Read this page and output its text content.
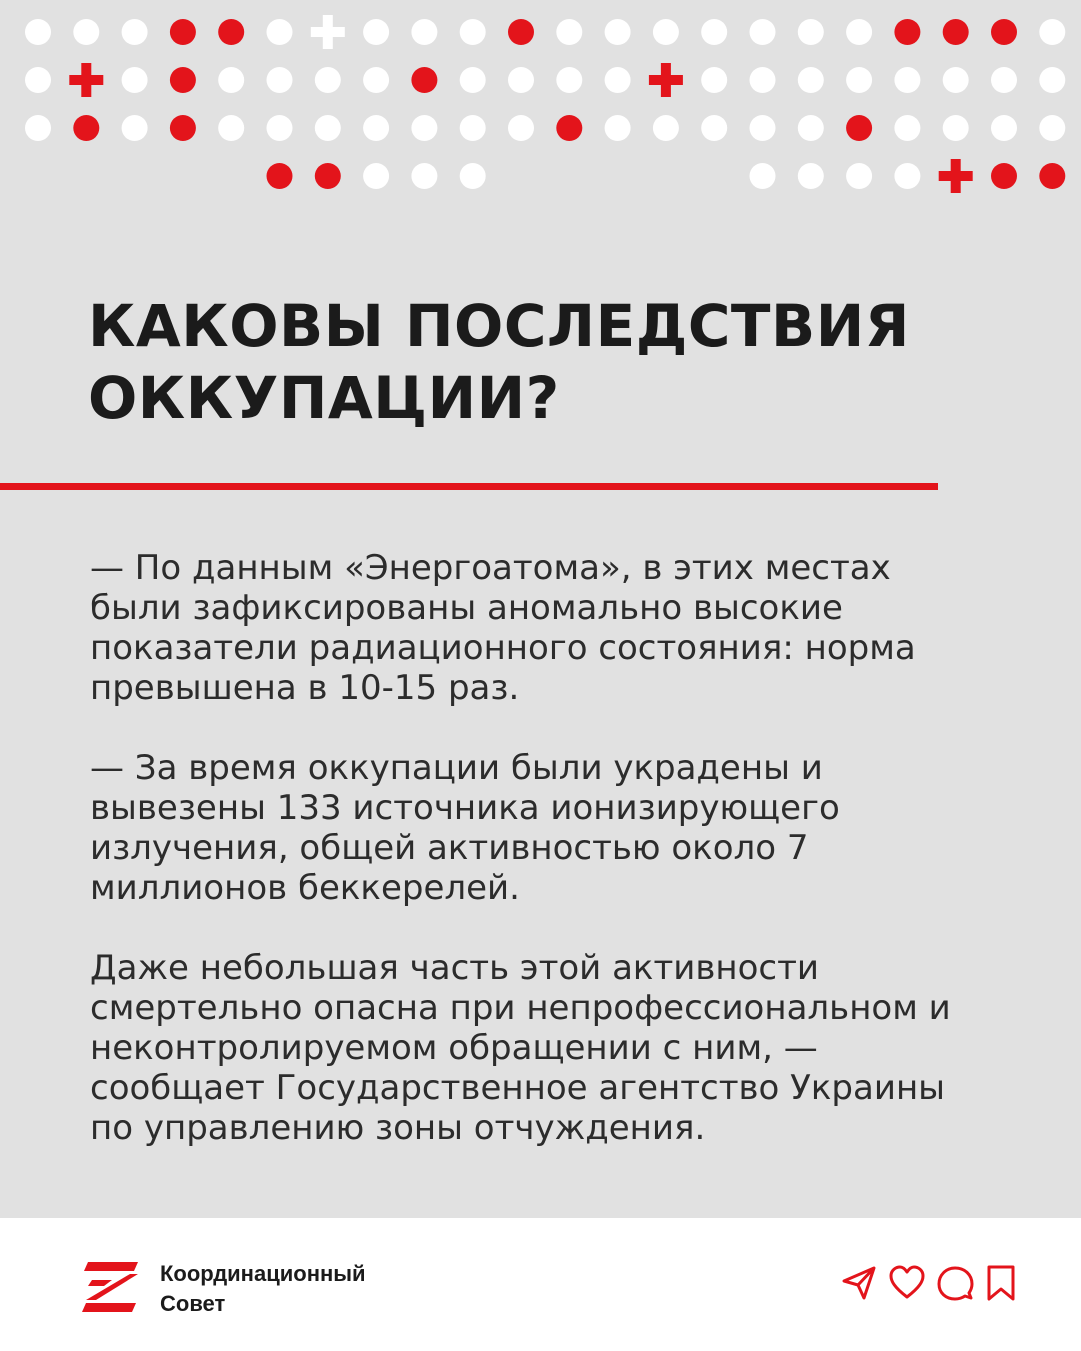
КАКОВЫ ПОСЛЕДСТВИЯ
ОККУПАЦИИ?

— По данным «Энергоатома», в этих местах были зафиксированы аномально высокие показатели радиационного состояния: норма превышена в 10-15 раз.

— За время оккупации были украдены и вывезены 133 источника ионизирующего излучения, общей активностью около 7 миллионов беккерелей.

Даже небольшая часть этой активности смертельно опасна при непрофессиональном и неконтролируемом обращении с ним, — сообщает Государственное агентство Украины по управлению зоны отчуждения.

Координационный
Совет
